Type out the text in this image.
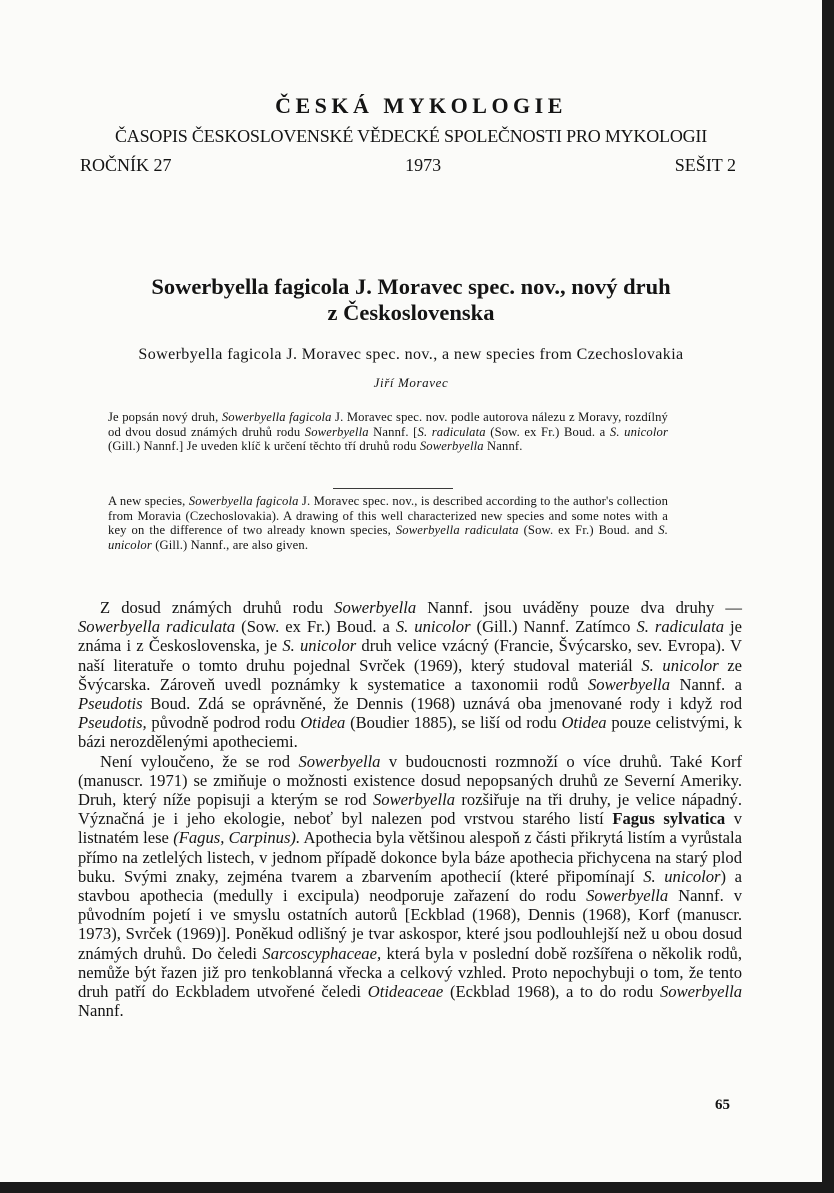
ČESKÁ MYKOLOGIE
ČASOPIS ČESKOSLOVENSKÉ VĚDECKÉ SPOLEČNOSTI PRO MYKOLOGII
ROČNÍK 27	1973	SEŠIT 2
Sowerbyella fagicola J. Moravec spec. nov., nový druh
z Československa
Sowerbyella fagicola J. Moravec spec. nov., a new species from Czechoslovakia
Jiří Moravec
Je popsán nový druh, Sowerbyella fagicola J. Moravec spec. nov. podle autorova nálezu z Moravy, rozdílný od dvou dosud známých druhů rodu Sowerbyella Nannf. [S. radiculata (Sow. ex Fr.) Boud. a S. unicolor (Gill.) Nannf.] Je uveden klíč k určení těchto tří druhů rodu Sowerbyella Nannf.
A new species, Sowerbyella fagicola J. Moravec spec. nov., is described according to the author's collection from Moravia (Czechoslovakia). A drawing of this well characterized new species and some notes with a key on the difference of two already known species, Sowerbyella radiculata (Sow. ex Fr.) Boud. and S. unicolor (Gill.) Nannf., are also given.

Z dosud známých druhů rodu Sowerbyella Nannf. jsou uváděny pouze dva druhy — Sowerbyella radiculata (Sow. ex Fr.) Boud. a S. unicolor (Gill.) Nannf. Zatímco S. radiculata je známa i z Československa, je S. unicolor druh velice vzácný (Francie, Švýcarsko, sev. Evropa). V naší literatuře o tomto druhu pojednal Svrček (1969), který studoval materiál S. unicolor ze Švýcarska. Zároveň uvedl poznámky k systematice a taxonomii rodů Sowerbyella Nannf. a Pseudotis Boud. Zdá se oprávněné, že Dennis (1968) uznává oba jmenované rody i když rod Pseudotis, původně podrod rodu Otidea (Boudier 1885), se liší od rodu Otidea pouze celistvými, k bázi nerozdělenými apotheciemi.

Není vyloučeno, že se rod Sowerbyella v budoucnosti rozmnoží o více druhů. Také Korf (manuscr. 1971) se zmiňuje o možnosti existence dosud nepopsaných druhů ze Severní Ameriky. Druh, který níže popisuji a kterým se rod Sowerbyella rozšiřuje na tři druhy, je velice nápadný. Význačná je i jeho ekologie, neboť byl nalezen pod vrstvou starého listí Fagus sylvatica v listnatém lese (Fagus, Carpinus). Apothecia byla většinou alespoň z části přikrytá listím a vyrůstala přímo na zetlelých listech, v jednom případě dokonce byla báze apothecia přichycena na starý plod buku. Svými znaky, zejména tvarem a zbarvením apothecií (které připomínají S. unicolor) a stavbou apothecia (medully i excipula) neodporuje zařazení do rodu Sowerbyella Nannf. v původním pojetí i ve smyslu ostatních autorů [Eckblad (1968), Dennis (1968), Korf (manuscr. 1973), Svrček (1969)]. Poněkud odlišný je tvar askospor, které jsou podlouhlejší než u obou dosud známých druhů. Do čeledi Sarcoscyphaceae, která byla v poslední době rozšířena o několik rodů, nemůže být řazen již pro tenkoblanná vřecka a celkový vzhled. Proto nepochybuji o tom, že tento druh patří do Eckbladem utvořené čeledi Otideaceae (Eckblad 1968), a to do rodu Sowerbyella Nannf.

65
